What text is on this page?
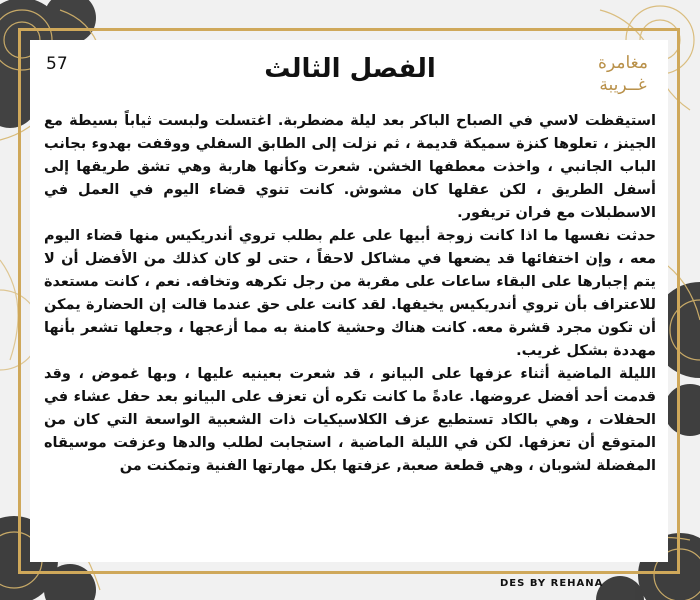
57	الفصل الثالث	مغامرة
غــريبة

استيقظت لاسي في الصباح الباكر بعد ليلة مضطربة. اغتسلت ولبست ثياباً بسيطة مع الجينز ، تعلوها كنزة سميكة قديمة ، ثم نزلت إلى الطابق السفلي ووقفت بهدوء بجانب الباب الجانبي ، واخذت معطفها الخشن. شعرت وكأنها هاربة وهي تشق طريقها إلى أسفل الطريق ، لكن عقلها كان مشوش. كانت تنوي قضاء اليوم في العمل في الاسطبلات مع فران تريفور.

حدثت نفسها ما اذا كانت زوجة أبيها على علم بطلب تروي أندريكيس منها قضاء اليوم معه ، وإن اختفائها قد يضعها في مشاكل لاحقاً ، حتى لو كان كذلك من الأفضل أن لا يتم إجبارها على البقاء ساعات على مقربة من رجل تكرهه وتخافه. نعم ، كانت مستعدة للاعتراف بأن تروي أندريكيس يخيفها. لقد كانت على حق عندما قالت إن الحضارة يمكن أن تكون مجرد قشرة معه. كانت هناك وحشية كامنة به مما أزعجها ، وجعلها تشعر بأنها مهددة بشكل غريب.

الليلة الماضية أثناء عزفها على البيانو ، قد شعرت بعينيه عليها ، وبها غموض ، وقد قدمت أحد أفضل عروضها. عادةً ما كانت تكره أن تعزف على البيانو بعد حفل عشاء في الحفلات ، وهي بالكاد تستطيع عزف الكلاسيكيات ذات الشعبية الواسعة التي كان من المتوقع أن تعزفها. لكن في الليلة الماضية ، استجابت لطلب والدها وعزفت موسيقاه المفضلة لشوبان ، وهي قطعة صعبة, عزفتها بكل مهارتها الفنية وتمكنت من

DES BY REHANA
